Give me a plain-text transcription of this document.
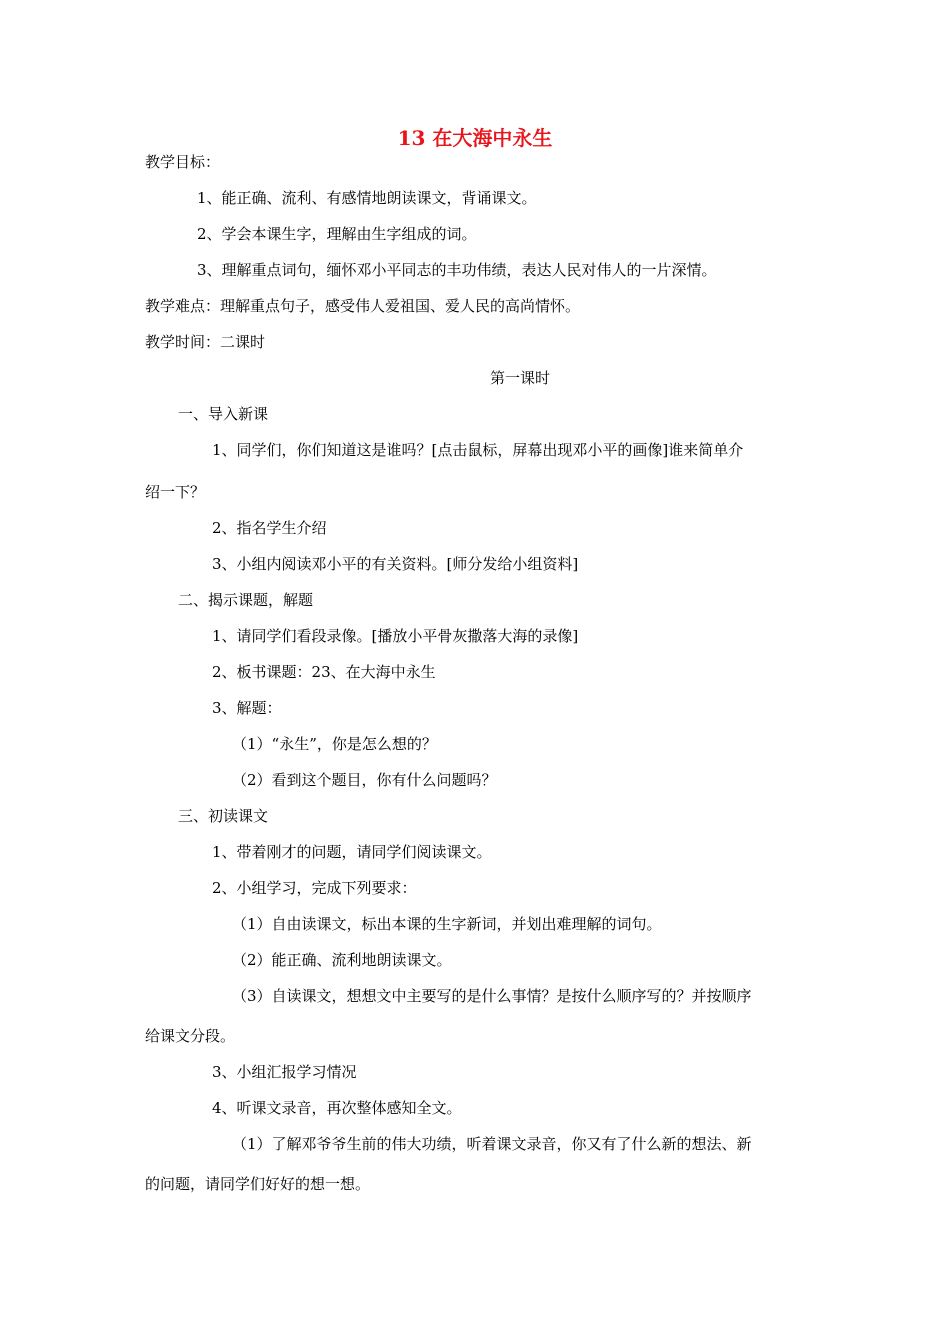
13 在大海中永生
教学目标：
1、能正确、流利、有感情地朗读课文，背诵课文。
2、学会本课生字，理解由生字组成的词。
3、理解重点词句，缅怀邓小平同志的丰功伟绩，表达人民对伟人的一片深情。
教学难点：理解重点句子，感受伟人爱祖国、爱人民的高尚情怀。
教学时间：二课时
第一课时
一、导入新课
1、同学们，你们知道这是谁吗？[点击鼠标，屏幕出现邓小平的画像]谁来简单介
绍一下？
2、指名学生介绍
3、小组内阅读邓小平的有关资料。[师分发给小组资料]
二、揭示课题，解题
1、请同学们看段录像。[播放小平骨灰撒落大海的录像]
2、板书课题：23、在大海中永生
3、解题：
（1）“永生”，你是怎么想的？
（2）看到这个题目，你有什么问题吗？
三、初读课文
1、带着刚才的问题，请同学们阅读课文。
2、小组学习，完成下列要求：
（1）自由读课文，标出本课的生字新词，并划出难理解的词句。
（2）能正确、流利地朗读课文。
（3）自读课文，想想文中主要写的是什么事情？是按什么顺序写的？并按顺序
给课文分段。
3、小组汇报学习情况
4、听课文录音，再次整体感知全文。
（1）了解邓爷爷生前的伟大功绩，听着课文录音，你又有了什么新的想法、新
的问题，请同学们好好的想一想。
